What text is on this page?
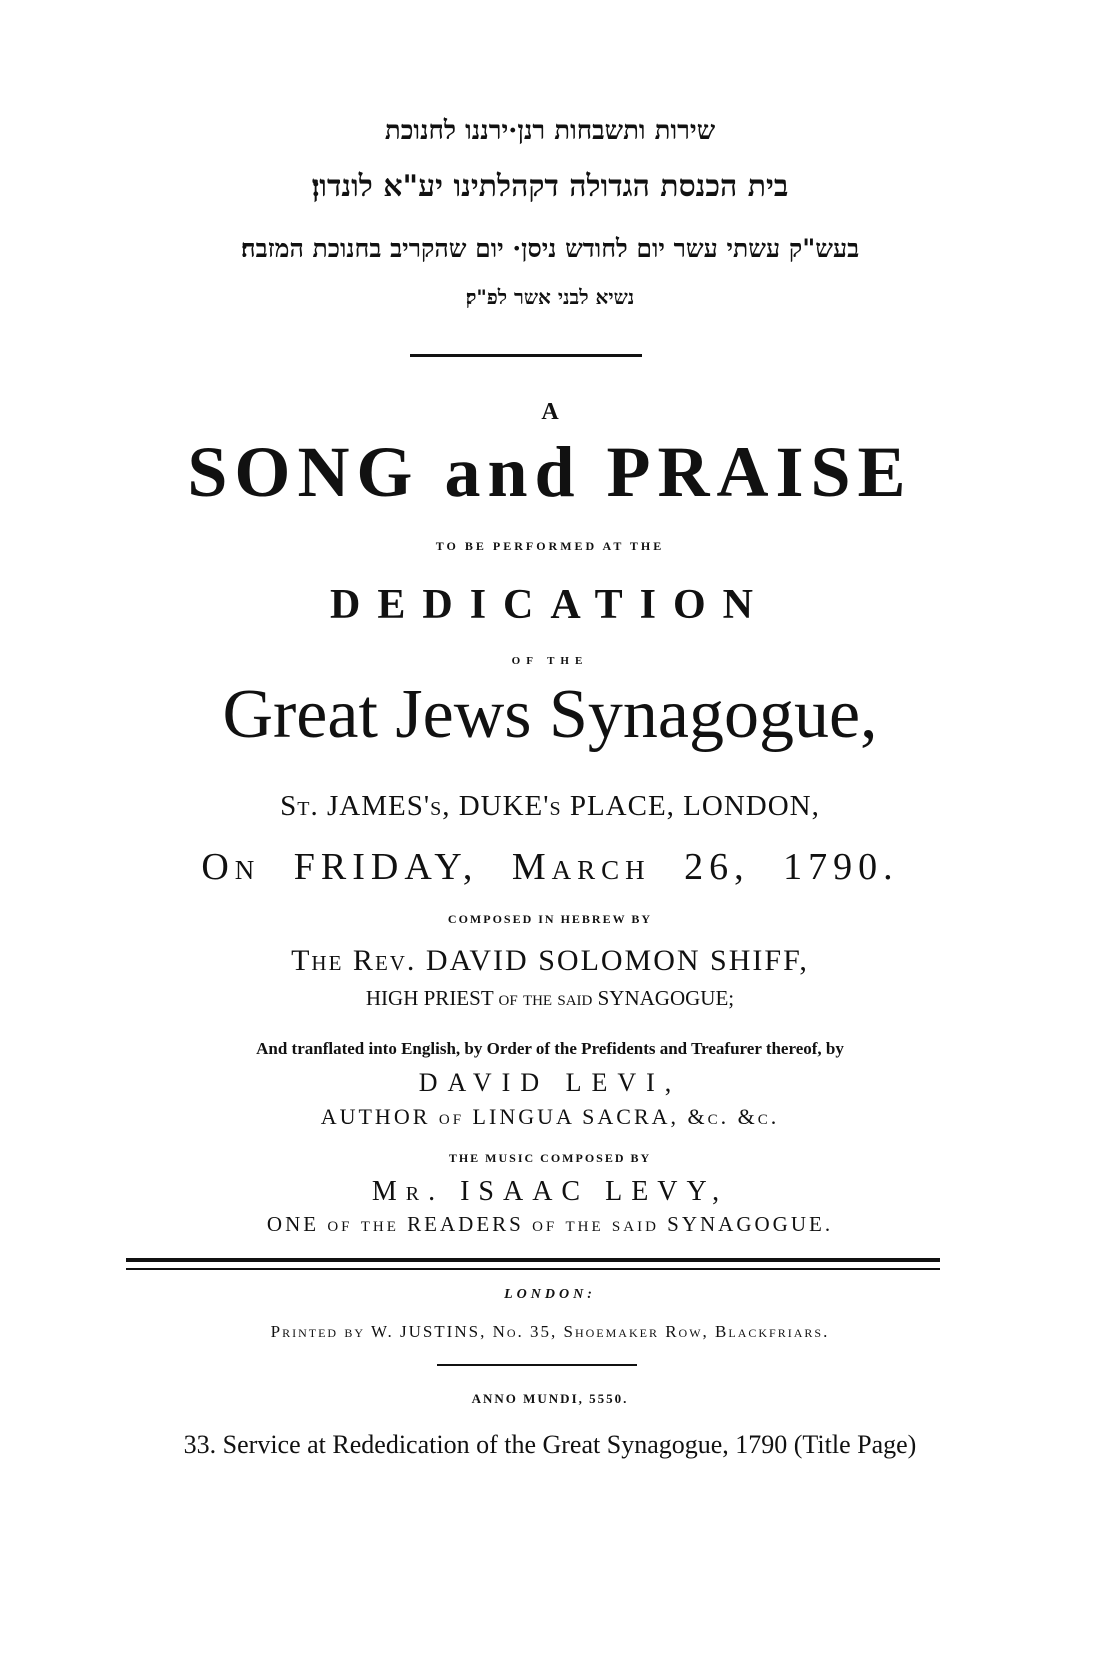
שירות ותשבחות רנן·ירננו לחנוכת
בית הכנסת הגדולה דקהלתינו יע"א לונדון׃
בעש"ק עשתי עשר יום לחודש ניסן· יום שהקריב בחנוכת המזבח׃
נשיא לבני אשר לפ"ק׃
A
SONG and PRAISE
TO BE PERFORMED AT THE
DEDICATION
OF THE
Great Jews Synagogue,
St. JAMES's, DUKE's PLACE, LONDON,
On FRIDAY, March 26, 1790.
COMPOSED IN HEBREW BY
The Rev. DAVID SOLOMON SHIFF,
HIGH PRIEST of the said SYNAGOGUE;
And tranflated into English, by Order of the Prefidents and Treafurer thereof, by
DAVID LEVI,
AUTHOR of LINGUA SACRA, &c. &c.
THE MUSIC COMPOSED BY
Mr. ISAAC LEVY,
ONE of the READERS of the said SYNAGOGUE.
LONDON:
Printed by W. JUSTINS, No. 35, Shoemaker Row, Blackfriars.
ANNO MUNDI, 5550.
33. Service at Rededication of the Great Synagogue, 1790 (Title Page)
